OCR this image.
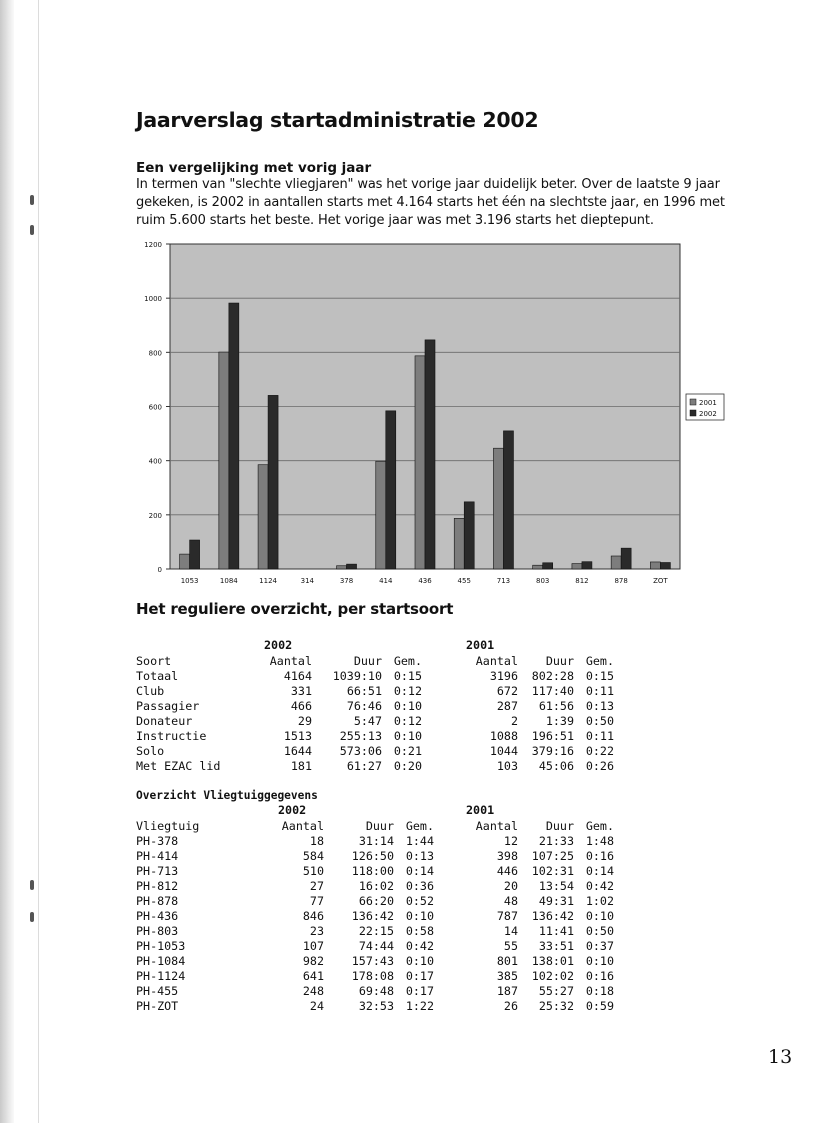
Jaarverslag startadministratie 2002
Een vergelijking met vorig jaar
In termen van "slechte vliegjaren" was het vorige jaar duidelijk beter. Over de laatste 9 jaar gekeken, is 2002 in aantallen starts met 4.164 starts het één na slechtste jaar, en 1996 met ruim 5.600 starts het beste. Het vorige jaar was met 3.196 starts het dieptepunt.
0
200
400
600
800
1000
1200
1053	1084	1124	314	378	414	436	455	713	803	812	878	ZOT
2001
2002
Het reguliere overzicht, per startsoort
2002	2001
Soort	Aantal	Duur	Gem.	Aantal	Duur	Gem.
Totaal	4164	1039:10	0:15	3196	802:28	0:15
Club	331	66:51	0:12	672	117:40	0:11
Passagier	466	76:46	0:10	287	61:56	0:13
Donateur	29	5:47	0:12	2	1:39	0:50
Instructie	1513	255:13	0:10	1088	196:51	0:11
Solo	1644	573:06	0:21	1044	379:16	0:22
Met EZAC lid	181	61:27	0:20	103	45:06	0:26
Overzicht Vliegtuiggegevens
2002	2001
Vliegtuig	Aantal	Duur	Gem.	Aantal	Duur	Gem.
PH-378	18	31:14	1:44	12	21:33	1:48
PH-414	584	126:50	0:13	398	107:25	0:16
PH-713	510	118:00	0:14	446	102:31	0:14
PH-812	27	16:02	0:36	20	13:54	0:42
PH-878	77	66:20	0:52	48	49:31	1:02
PH-436	846	136:42	0:10	787	136:42	0:10
PH-803	23	22:15	0:58	14	11:41	0:50
PH-1053	107	74:44	0:42	55	33:51	0:37
PH-1084	982	157:43	0:10	801	138:01	0:10
PH-1124	641	178:08	0:17	385	102:02	0:16
PH-455	248	69:48	0:17	187	55:27	0:18
PH-ZOT	24	32:53	1:22	26	25:32	0:59
13
